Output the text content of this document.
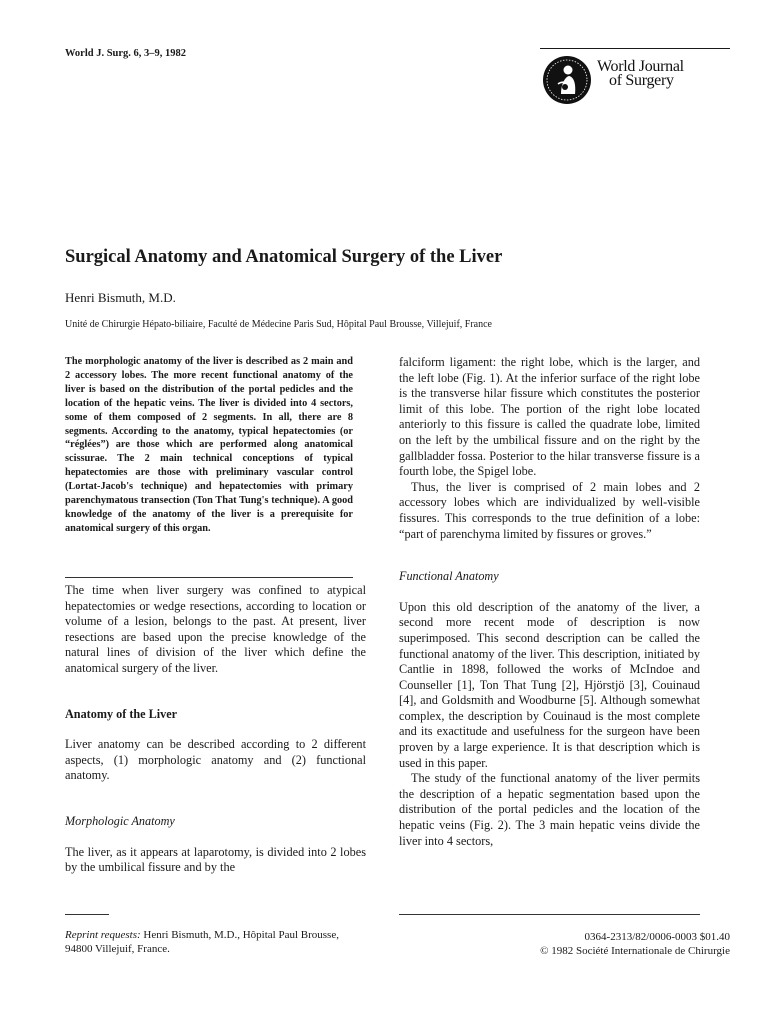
World J. Surg. 6, 3–9, 1982
World Journal
of Surgery
Surgical Anatomy and Anatomical Surgery of the Liver
Henri Bismuth, M.D.
Unité de Chirurgie Hépato-biliaire, Faculté de Médecine Paris Sud, Hôpital Paul Brousse, Villejuif, France
The morphologic anatomy of the liver is described as 2 main and 2 accessory lobes. The more recent functional anatomy of the liver is based on the distribution of the portal pedicles and the location of the hepatic veins. The liver is divided into 4 sectors, some of them composed of 2 segments. In all, there are 8 segments. According to the anatomy, typical hepatectomies (or “réglées”) are those which are performed along anatomical scissurae. The 2 main technical conceptions of typical hepatectomies are those with preliminary vascular control (Lortat-Jacob's technique) and hepatectomies with primary parenchymatous transection (Ton That Tung's technique). A good knowledge of the anatomy of the liver is a prerequisite for anatomical surgery of this organ.

The time when liver surgery was confined to atypical hepatectomies or wedge resections, according to location or volume of a lesion, belongs to the past. At present, liver resections are based upon the precise knowledge of the natural lines of division of the liver which define the anatomical surgery of the liver.

Anatomy of the Liver

Liver anatomy can be described according to 2 different aspects, (1) morphologic anatomy and (2) functional anatomy.

Morphologic Anatomy

The liver, as it appears at laparotomy, is divided into 2 lobes by the umbilical fissure and by the

falciform ligament: the right lobe, which is the larger, and the left lobe (Fig. 1). At the inferior surface of the right lobe is the transverse hilar fissure which constitutes the posterior limit of this lobe. The portion of the right lobe located anteriorly to this fissure is called the quadrate lobe, limited on the left by the umbilical fissure and on the right by the gallbladder fossa. Posterior to the hilar transverse fissure is a fourth lobe, the Spigel lobe.

Thus, the liver is comprised of 2 main lobes and 2 accessory lobes which are individualized by well-visible fissures. This corresponds to the true definition of a lobe: “part of parenchyma limited by fissures or groves.”

Functional Anatomy

Upon this old description of the anatomy of the liver, a second more recent mode of description is now superimposed. This second description can be called the functional anatomy of the liver. This description, initiated by Cantlie in 1898, followed the works of McIndoe and Counseller [1], Ton That Tung [2], Hjörstjö [3], Couinaud [4], and Goldsmith and Woodburne [5]. Although somewhat complex, the description by Couinaud is the most complete and its exactitude and usefulness for the surgeon have been proven by a large experience. It is that description which is used in this paper.

The study of the functional anatomy of the liver permits the description of a hepatic segmentation based upon the distribution of the portal pedicles and the location of the hepatic veins (Fig. 2). The 3 main hepatic veins divide the liver into 4 sectors,

Reprint requests: Henri Bismuth, M.D., Hôpital Paul Brousse, 94800 Villejuif, France.
0364-2313/82/0006-0003 $01.40
© 1982 Société Internationale de Chirurgie
